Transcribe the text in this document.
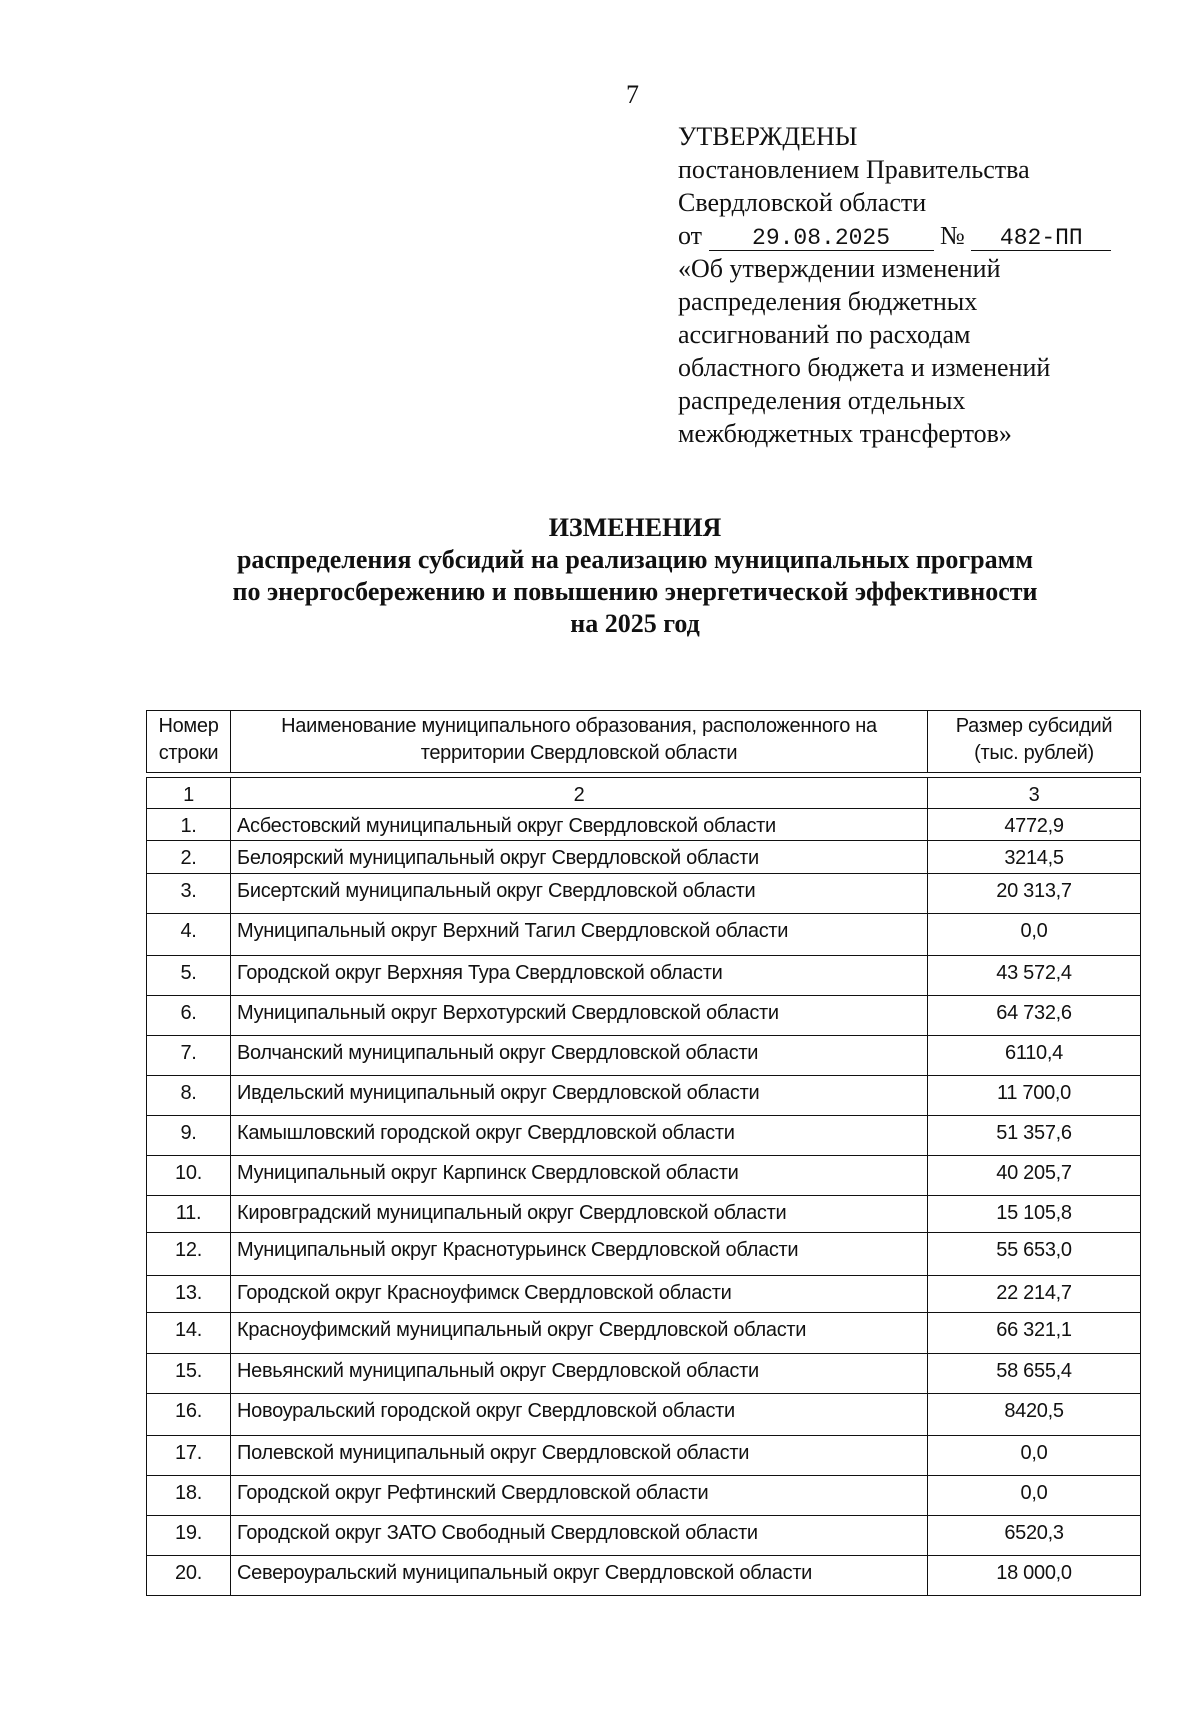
7
УТВЕРЖДЕНЫ
постановлением Правительства
Свердловской области
от 29.08.2025 № 482-ПП
«Об утверждении изменений
распределения бюджетных
ассигнований по расходам
областного бюджета и изменений
распределения отдельных
межбюджетных трансфертов»
ИЗМЕНЕНИЯ
распределения субсидий на реализацию муниципальных программ
по энергосбережению и повышению энергетической эффективности
на 2025 год
Номер строки	Наименование муниципального образования, расположенного на территории Свердловской области	Размер субсидий (тыс. рублей)
1	2	3
1.	Асбестовский муниципальный округ Свердловской области	4772,9
2.	Белоярский муниципальный округ Свердловской области	3214,5
3.	Бисертский муниципальный округ Свердловской области	20 313,7
4.	Муниципальный округ Верхний Тагил Свердловской области	0,0
5.	Городской округ Верхняя Тура Свердловской области	43 572,4
6.	Муниципальный округ Верхотурский Свердловской области	64 732,6
7.	Волчанский муниципальный округ Свердловской области	6110,4
8.	Ивдельский муниципальный округ Свердловской области	11 700,0
9.	Камышловский городской округ Свердловской области	51 357,6
10.	Муниципальный округ Карпинск Свердловской области	40 205,7
11.	Кировградский муниципальный округ Свердловской области	15 105,8
12.	Муниципальный округ Краснотурьинск Свердловской области	55 653,0
13.	Городской округ Красноуфимск Свердловской области	22 214,7
14.	Красноуфимский муниципальный округ Свердловской области	66 321,1
15.	Невьянский муниципальный округ Свердловской области	58 655,4
16.	Новоуральский городской округ Свердловской области	8420,5
17.	Полевской муниципальный округ Свердловской области	0,0
18.	Городской округ Рефтинский Свердловской области	0,0
19.	Городской округ ЗАТО Свободный Свердловской области	6520,3
20.	Североуральский муниципальный округ Свердловской области	18 000,0
